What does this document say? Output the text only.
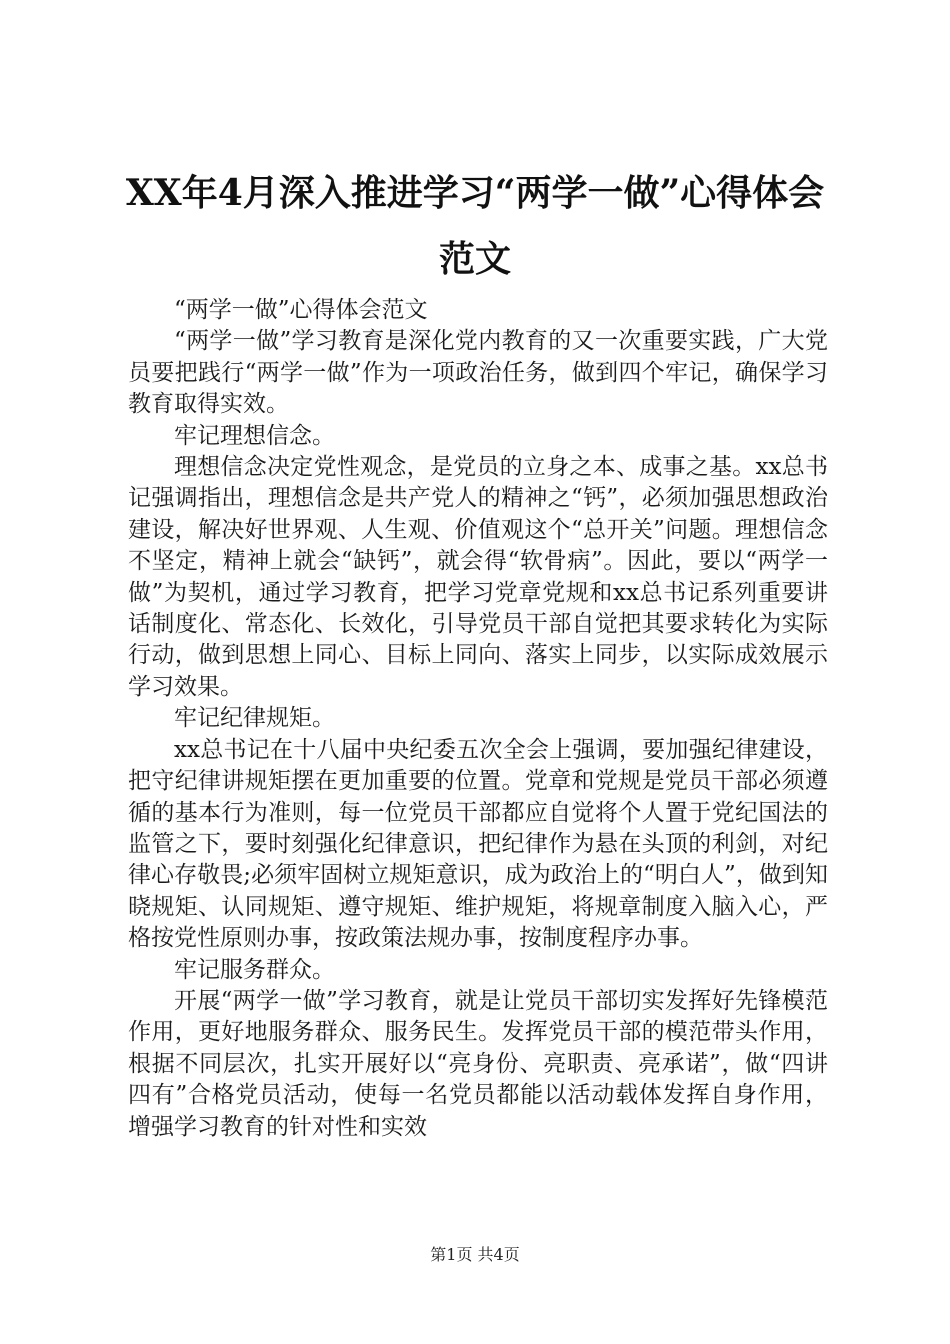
XX年4月深入推进学习“两学一做”心得体会范文

“两学一做”心得体会范文

“两学一做”学习教育是深化党内教育的又一次重要实践，广大党员要把践行“两学一做”作为一项政治任务，做到四个牢记，确保学习教育取得实效。

牢记理想信念。

理想信念决定党性观念，是党员的立身之本、成事之基。xx总书记强调指出，理想信念是共产党人的精神之“钙”，必须加强思想政治建设，解决好世界观、人生观、价值观这个“总开关”问题。理想信念不坚定，精神上就会“缺钙”，就会得“软骨病”。因此，要以“两学一做”为契机，通过学习教育，把学习党章党规和xx总书记系列重要讲话制度化、常态化、长效化，引导党员干部自觉把其要求转化为实际行动，做到思想上同心、目标上同向、落实上同步，以实际成效展示学习效果。

牢记纪律规矩。

xx总书记在十八届中央纪委五次全会上强调，要加强纪律建设，把守纪律讲规矩摆在更加重要的位置。党章和党规是党员干部必须遵循的基本行为准则，每一位党员干部都应自觉将个人置于党纪国法的监管之下，要时刻强化纪律意识，把纪律作为悬在头顶的利剑，对纪律心存敬畏;必须牢固树立规矩意识，成为政治上的“明白人”，做到知晓规矩、认同规矩、遵守规矩、维护规矩，将规章制度入脑入心，严格按党性原则办事，按政策法规办事，按制度程序办事。

牢记服务群众。

开展“两学一做”学习教育，就是让党员干部切实发挥好先锋模范作用，更好地服务群众、服务民生。发挥党员干部的模范带头作用，根据不同层次，扎实开展好以“亮身份、亮职责、亮承诺”，做“四讲四有”合格党员活动，使每一名党员都能以活动载体发挥自身作用，增强学习教育的针对性和实效

第1页 共4页
